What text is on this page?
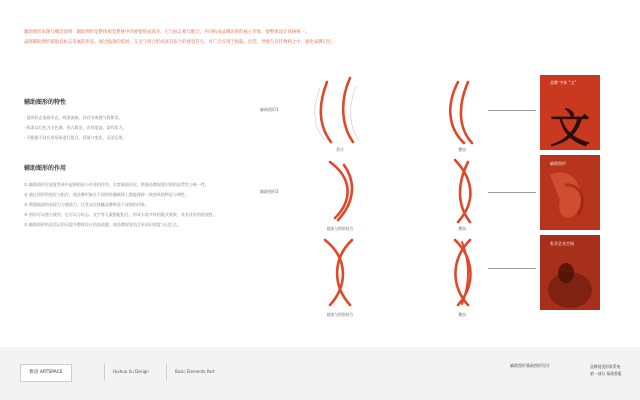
辅助图形来源与概念说明：辅助图形是整体视觉系统中的重要组成部分，它与标志相互配合，共同构成品牌识别的核心形象，使整体设计风格统一。

品牌辅助图形提取自标志笔画的形态，通过线条的延展、交叉与组合形成富有张力的视觉符号，可广泛应用于海报、包装、导视与宣传物料之中，强化品牌记忆。

辅助图形的特性

· 提炼标志笔画形态，线条流畅，具有节奏感与韵律美。

· 线条以红色为主色调，形式简洁，识别度高，富有张力。

· 可根据不同应用场景进行组合、延展与变化，灵活运用。

辅助图形的作用

① 辅助图形在视觉系统中起到衔接与补充的作用，丰富画面层次，增强品牌视觉识别的连贯性与统一性。

② 通过图形的变化与组合，使品牌形象在不同的传播载体上都能保持一致的风格特征与调性。

③ 增强画面的表现力与感染力，让受众在接触品牌时留下深刻的印象。

④ 图形可以独立使用，也可以与标志、文字等元素搭配组合，形成丰富多样的版式效果，具有良好的延展性。

⑤ 辅助图形的灵活运用可提升整体设计的品质感，使品牌视觉语言更具识别度与记忆点。

辅助图形1
辅助图形2
拆分	叠加
提炼与图形结合	叠加
提炼与图形结合	叠加
品牌 字体 "文"
文
辅助图形
私享艺术空间
雅迹 ARTSPACE	Huihua Xu Design	Basic Elements Part
辅助图形基础图形设计	品牌视觉形象系统
第一部分 基础要素
